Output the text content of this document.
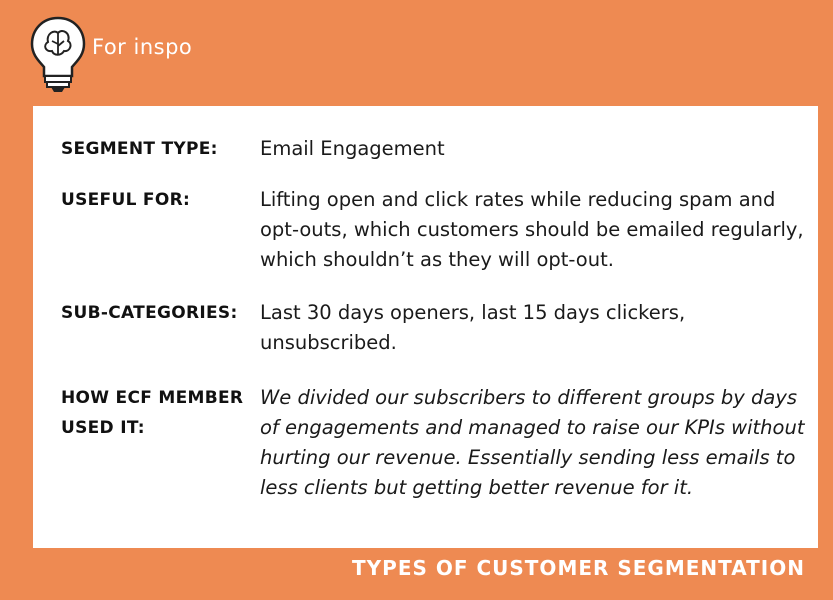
For inspo
SEGMENT TYPE:	Email Engagement
USEFUL FOR:	Lifting open and click rates while reducing spam and opt-outs, which customers should be emailed regularly, which shouldn’t as they will opt-out.
SUB-CATEGORIES:	Last 30 days openers, last 15 days clickers, unsubscribed.
HOW ECF MEMBER USED IT:
We divided our subscribers to different groups by days of engagements and managed to raise our KPIs without hurting our revenue. Essentially sending less emails to less clients but getting better revenue for it.
TYPES OF CUSTOMER SEGMENTATION
